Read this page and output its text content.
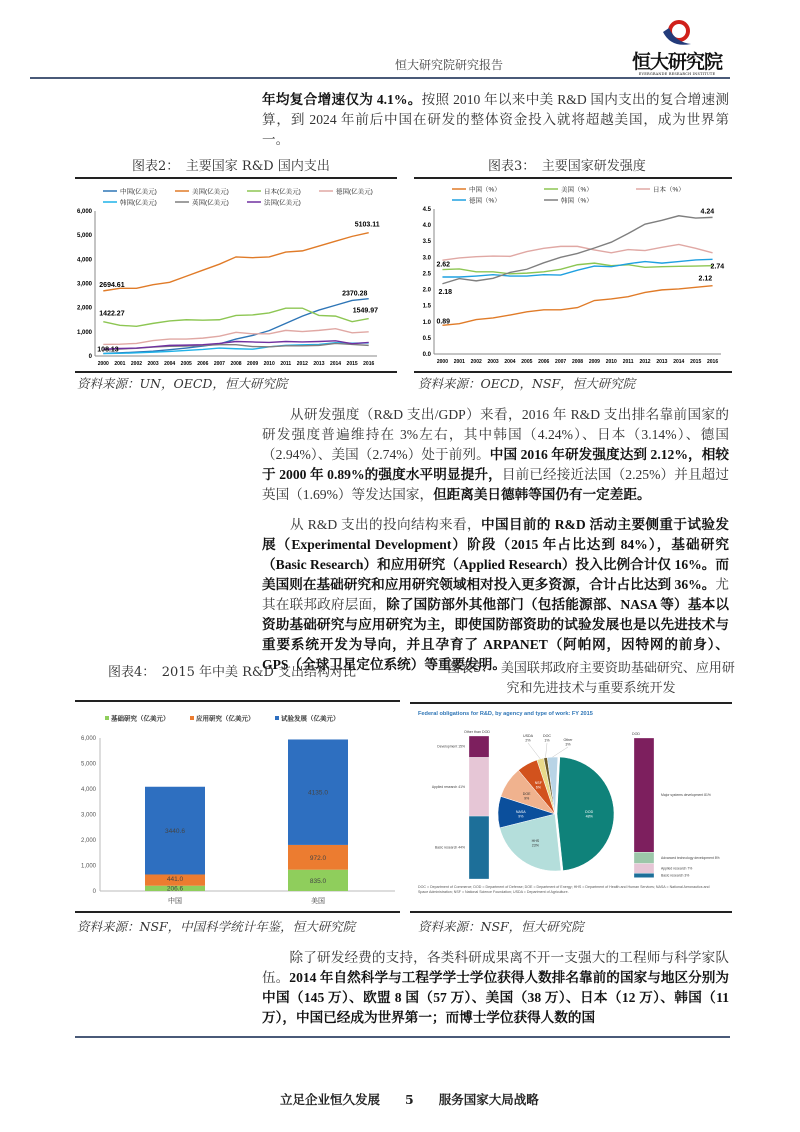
恒大研究院研究报告	恒大研究院
EVERGRANDE RESEARCH INSTITUTE

年均复合增速仅为 4.1%。按照 2010 年以来中美 R&D 国内支出的复合增速测算，到 2024 年前后中国在研发的整体资金投入就将超越美国，成为世界第一。

图表2：　主要国家 R&D 国内支出
0
1,000
2,000
3,000
4,000
5,000
6,000
2000 2001 2002 2003 2004 2005 2006 2007 2008 2009 2010 2011 2012 2013 2014 2015 2016
中国(亿美元)	美国(亿美元)	日本(亿美元)	德国(亿美元)
韩国(亿美元)	英国(亿美元)	法国(亿美元)
2694.61
5103.11
1422.27	1549.97
2370.28
108.13
资料来源：UN，OECD，恒大研究院
图表3：　主要国家研发强度
0.0
0.5
1.0
1.5
2.0
2.5
3.0
3.5
4.0
4.5
2000 2001 2002 2003 2004 2005 2006 2007 2008 2009 2010 2011 2012 2013 2014 2015 2016
中国（%）	美国（%）	日本（%）
德国（%）	韩国（%）
0.89
2.62
2.18
2.12
2.74
4.24
资料来源：OECD，NSF，恒大研究院

　　从研发强度（R&D 支出/GDP）来看，2016 年 R&D 支出排名靠前国家的研发强度普遍维持在 3%左右，其中韩国（4.24%）、日本（3.14%）、德国（2.94%）、美国（2.74%）处于前列。中国 2016 年研发强度达到 2.12%，相较于 2000 年 0.89%的强度水平明显提升，目前已经接近法国（2.25%）并且超过英国（1.69%）等发达国家，但距离美日德韩等国仍有一定差距。

　　从 R&D 支出的投向结构来看，中国目前的 R&D 活动主要侧重于试验发展（Experimental Development）阶段（2015 年占比达到 84%），基础研究（Basic Research）和应用研究（Applied Research）投入比例合计仅 16%。而美国则在基础研究和应用研究领域相对投入更多资源，合计占比达到 36%。尤其在联邦政府层面，除了国防部外其他部门（包括能源部、NASA 等）基本以资助基础研究与应用研究为主，即使国防部资助的试验发展也是以先进技术与重要系统开发为导向，并且孕育了 ARPANET（阿帕网，因特网的前身）、GPS（全球卫星定位系统）等重要发明。

图表4：　2015 年中美 R&D 支出结构对比
0
1,000
2,000
3,000
4,000
5,000
6,000
206.6
441.0
3440.6
中国
835.0
972.0
4135.0
美国
基础研究（亿美元）	应用研究（亿美元）	试验发展（亿美元）
资料来源：NSF，中国科学统计年鉴，恒大研究院
图表5：　美国联邦政府主要资助基础研究、应用研究和先进技术与重要系统开发
Federal obligations for R&D, by agency and type of work: FY 2015
Other than DOD
Development 15%
Applied research 41%
Basic research 44%
DOD
Major systems development 81%
Advanced technology development 8%
Applied research 7%
Basic research 3%
DOD
48%
HHS
23%
NASA
9%
DOE
9%
NSF
6%
USDA
2%
DOC
1%	Other
3%
DOC = Department of Commerce; DOD = Department of Defense; DOE = Department of Energy; HHS = Department of Health and Human Services; NASA = National Aeronautics and Space Administration; NSF = National Science Foundation; USDA = Department of Agriculture.
资料来源：NSF，恒大研究院

　　除了研发经费的支持，各类科研成果离不开一支强大的工程师与科学家队伍。2014 年自然科学与工程学学士学位获得人数排名靠前的国家与地区分别为中国（145 万）、欧盟 8 国（57 万）、美国（38 万）、日本（12 万）、韩国（11 万），中国已经成为世界第一；而博士学位获得人数的国

立足企业恒久发展　　 5　　 服务国家大局战略
